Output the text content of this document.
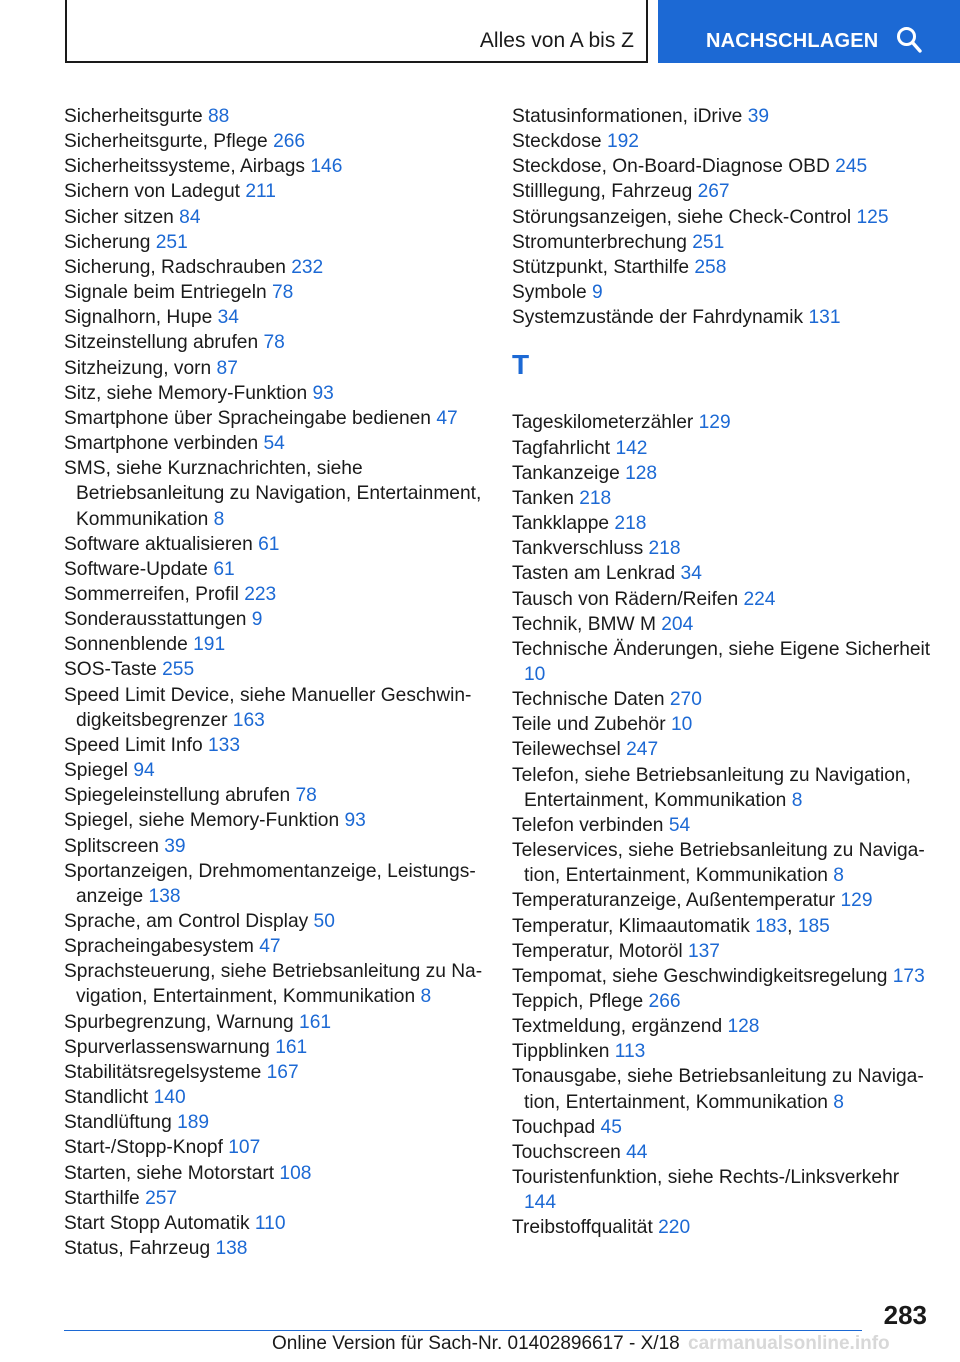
Alles von A bis Z	NACHSCHLAGEN
Sicherheitsgurte 88
Sicherheitsgurte, Pflege 266
Sicherheitssysteme, Airbags 146
Sichern von Ladegut 211
Sicher sitzen 84
Sicherung 251
Sicherung, Radschrauben 232
Signale beim Entriegeln 78
Signalhorn, Hupe 34
Sitzeinstellung abrufen 78
Sitzheizung, vorn 87
Sitz, siehe Memory-Funktion 93
Smartphone über Spracheingabe bedienen 47
Smartphone verbinden 54
SMS, siehe Kurznachrichten, siehe Betriebsanleitung zu Navigation, Entertainment, Kommunikation 8
Software aktualisieren 61
Software-Update 61
Sommerreifen, Profil 223
Sonderausstattungen 9
Sonnenblende 191
SOS-Taste 255
Speed Limit Device, siehe Manueller Geschwindigkeitsbegrenzer 163
Speed Limit Info 133
Spiegel 94
Spiegeleinstellung abrufen 78
Spiegel, siehe Memory-Funktion 93
Splitscreen 39
Sportanzeigen, Drehmomentanzeige, Leistungsanzeige 138
Sprache, am Control Display 50
Spracheingabesystem 47
Sprachsteuerung, siehe Betriebsanleitung zu Navigation, Entertainment, Kommunikation 8
Spurbegrenzung, Warnung 161
Spurverlassenswarnung 161
Stabilitätsregelsysteme 167
Standlicht 140
Standlüftung 189
Start-/Stopp-Knopf 107
Starten, siehe Motorstart 108
Starthilfe 257
Start Stopp Automatik 110
Status, Fahrzeug 138
Statusinformationen, iDrive 39
Steckdose 192
Steckdose, On-Board-Diagnose OBD 245
Stilllegung, Fahrzeug 267
Störungsanzeigen, siehe Check-Control 125
Stromunterbrechung 251
Stützpunkt, Starthilfe 258
Symbole 9
Systemzustände der Fahrdynamik 131
T
Tageskilometerzähler 129
Tagfahrlicht 142
Tankanzeige 128
Tanken 218
Tankklappe 218
Tankverschluss 218
Tasten am Lenkrad 34
Tausch von Rädern/Reifen 224
Technik, BMW M 204
Technische Änderungen, siehe Eigene Sicherheit 10
Technische Daten 270
Teile und Zubehör 10
Teilewechsel 247
Telefon, siehe Betriebsanleitung zu Navigation, Entertainment, Kommunikation 8
Telefon verbinden 54
Teleservices, siehe Betriebsanleitung zu Navigation, Entertainment, Kommunikation 8
Temperaturanzeige, Außentemperatur 129
Temperatur, Klimaautomatik 183, 185
Temperatur, Motoröl 137
Tempomat, siehe Geschwindigkeitsregelung 173
Teppich, Pflege 266
Textmeldung, ergänzend 128
Tippblinken 113
Tonausgabe, siehe Betriebsanleitung zu Navigation, Entertainment, Kommunikation 8
Touchpad 45
Touchscreen 44
Touristenfunktion, siehe Rechts-/Linksverkehr 144
Treibstoffqualität 220
283
Online Version für Sach-Nr. 01402896617 - X/18 carmanualsonline.info
